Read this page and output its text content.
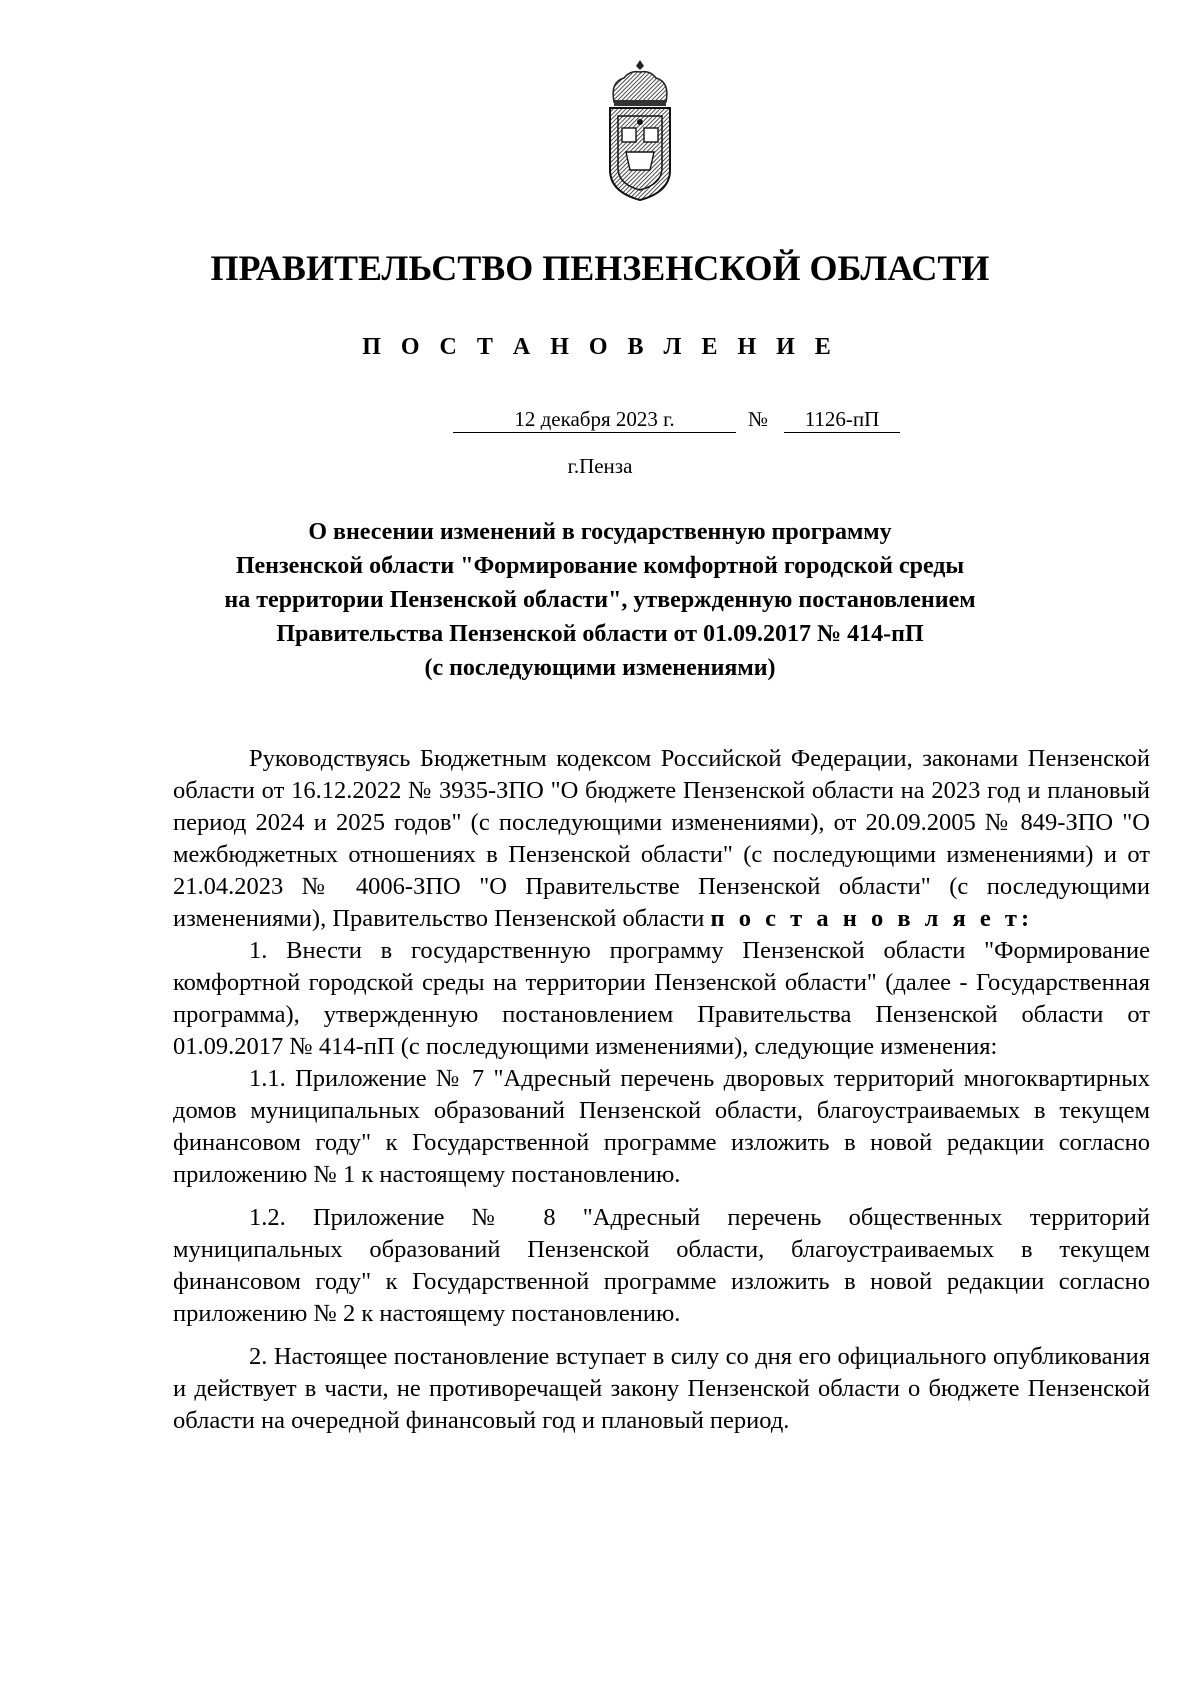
ПРАВИТЕЛЬСТВО ПЕНЗЕНСКОЙ ОБЛАСТИ
П О С Т А Н О В Л Е Н И Е
12 декабря 2023 г.	№	1126-пП
г.Пенза
О внесении изменений в государственную программу
Пензенской области "Формирование комфортной городской среды
на территории Пензенской области", утвержденную постановлением
Правительства Пензенской области от 01.09.2017 № 414-пП
(с последующими изменениями)

Руководствуясь Бюджетным кодексом Российской Федерации, законами Пензенской области от 16.12.2022 № 3935-ЗПО "О бюджете Пензенской области на 2023 год и плановый период 2024 и 2025 годов" (с последующими изменениями), от 20.09.2005 № 849-ЗПО "О межбюджетных отношениях в Пензенской области" (с последующими изменениями) и от 21.04.2023 № 4006-ЗПО "О Правительстве Пензенской области" (с последующими изменениями), Правительство Пензенской области п о с т а н о в л я е т:

1. Внести в государственную программу Пензенской области "Формирование комфортной городской среды на территории Пензенской области" (далее - Государственная программа), утвержденную постановлением Правительства Пензенской области от 01.09.2017 № 414-пП (с последующими изменениями), следующие изменения:

1.1. Приложение № 7 "Адресный перечень дворовых территорий многоквартирных домов муниципальных образований Пензенской области, благоустраиваемых в текущем финансовом году" к Государственной программе изложить в новой редакции согласно приложению № 1 к настоящему постановлению.

1.2. Приложение № 8 "Адресный перечень общественных территорий муниципальных образований Пензенской области, благоустраиваемых в текущем финансовом году" к Государственной программе изложить в новой редакции согласно приложению № 2 к настоящему постановлению.

2. Настоящее постановление вступает в силу со дня его официального опубликования и действует в части, не противоречащей закону Пензенской области о бюджете Пензенской области на очередной финансовый год и плановый период.
